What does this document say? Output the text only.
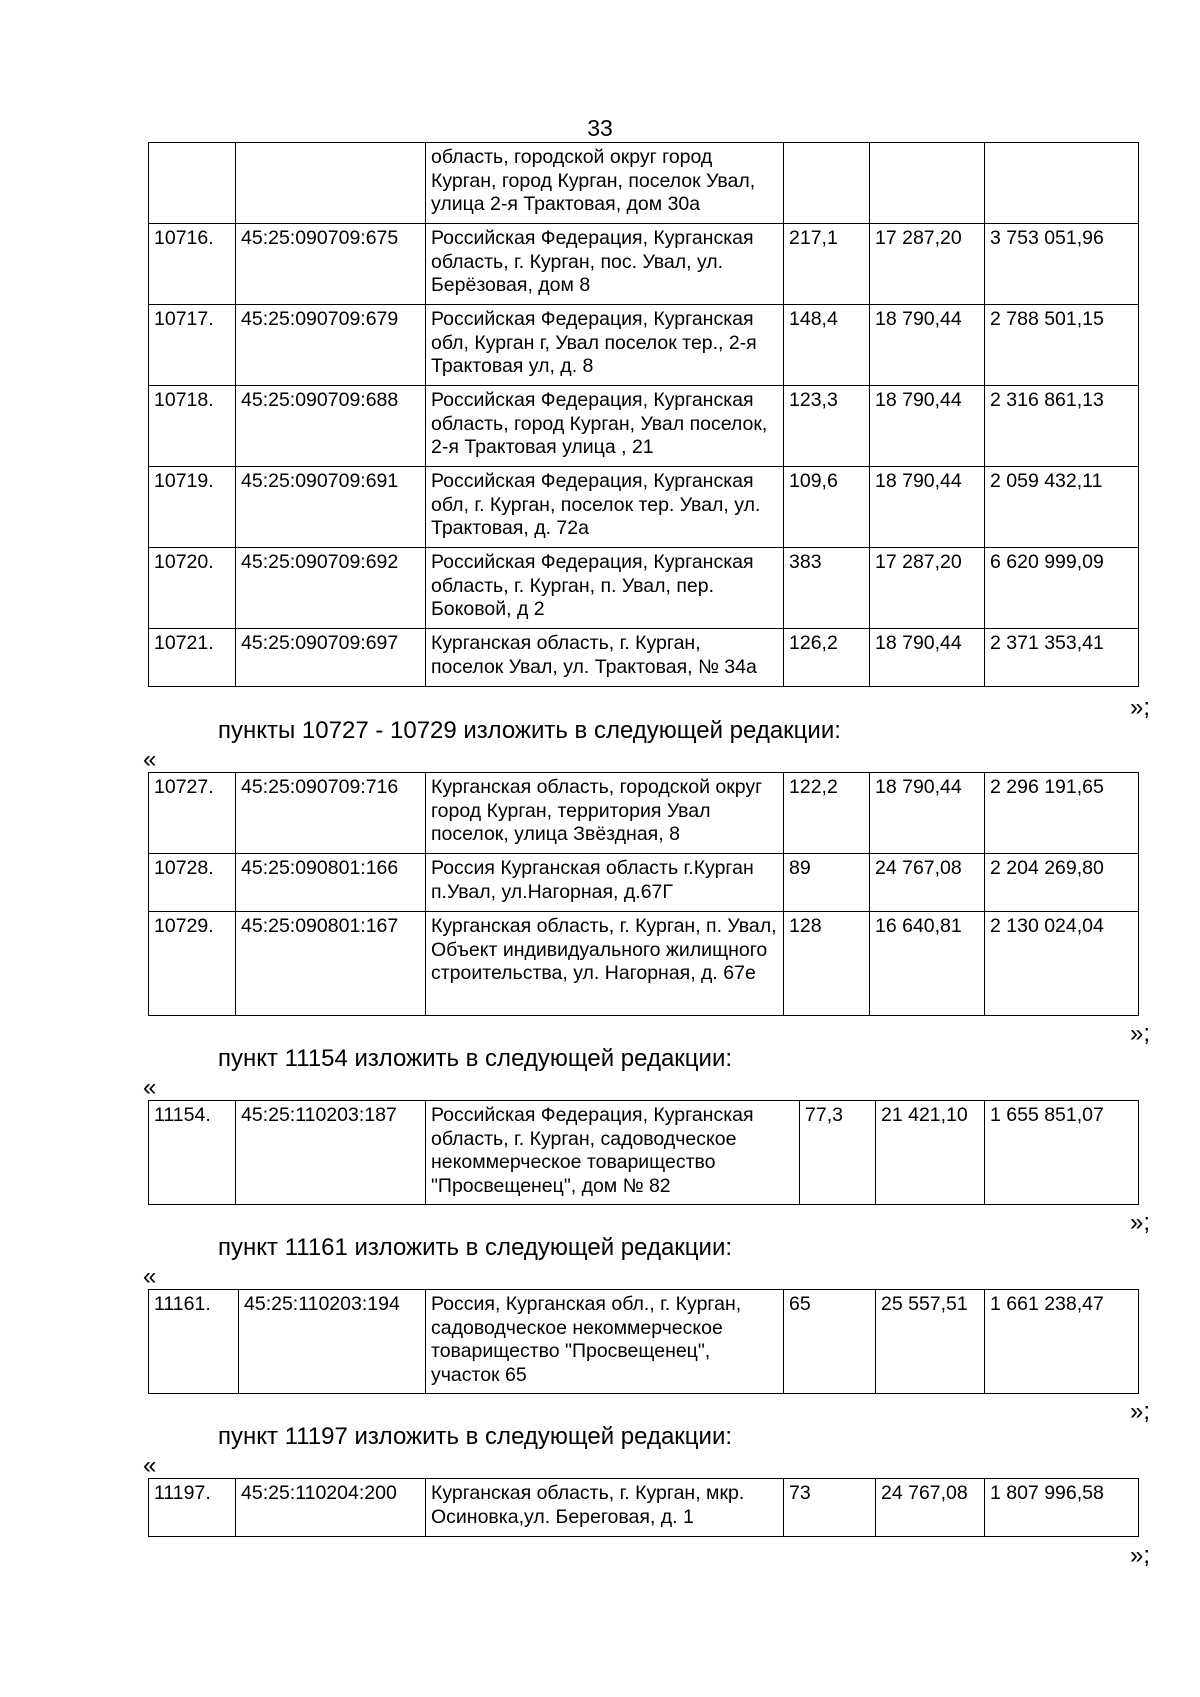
33
		область, городской округ город Курган, город Курган, поселок Увал, улица 2-я Трактовая, дом 30а			
10716.	45:25:090709:675	Российская Федерация, Курганская область, г. Курган, пос. Увал, ул. Берёзовая, дом 8	217,1	17 287,20	3 753 051,96
10717.	45:25:090709:679	Российская Федерация, Курганская обл, Курган г, Увал поселок тер., 2-я Трактовая ул, д. 8	148,4	18 790,44	2 788 501,15
10718.	45:25:090709:688	Российская Федерация, Курганская область, город Курган, Увал поселок, 2-я Трактовая улица , 21	123,3	18 790,44	2 316 861,13
10719.	45:25:090709:691	Российская Федерация, Курганская обл, г. Курган, поселок тер. Увал, ул. Трактовая, д. 72а	109,6	18 790,44	2 059 432,11
10720.	45:25:090709:692	Российская Федерация, Курганская область, г. Курган, п. Увал, пер. Боковой, д 2	383	17 287,20	6 620 999,09
10721.	45:25:090709:697	Курганская область, г. Курган, поселок Увал, ул. Трактовая, № 34а	126,2	18 790,44	2 371 353,41
»;
пункты 10727 - 10729 изложить в следующей редакции:
«
10727.	45:25:090709:716	Курганская область, городской округ город Курган, территория Увал поселок, улица Звёздная, 8	122,2	18 790,44	2 296 191,65
10728.	45:25:090801:166	Россия Курганская область г.Курган п.Увал, ул.Нагорная, д.67Г	89	24 767,08	2 204 269,80
10729.	45:25:090801:167	Курганская область, г. Курган, п. Увал, Объект индивидуального жилищного строительства, ул. Нагорная, д. 67е	128	16 640,81	2 130 024,04
»;
пункт 11154 изложить в следующей редакции:
«
11154.	45:25:110203:187	Российская Федерация, Курганская область, г. Курган, садоводческое некоммерческое товарищество "Просвещенец", дом № 82	77,3	21 421,10	1 655 851,07
»;
пункт 11161 изложить в следующей редакции:
«
11161.	45:25:110203:194	Россия, Курганская обл., г. Курган, садоводческое некоммерческое товарищество "Просвещенец", участок 65	65	25 557,51	1 661 238,47
»;
пункт 11197 изложить в следующей редакции:
«
11197.	45:25:110204:200	Курганская область, г. Курган, мкр. Осиновка,ул. Береговая, д. 1	73	24 767,08	1 807 996,58
»;
